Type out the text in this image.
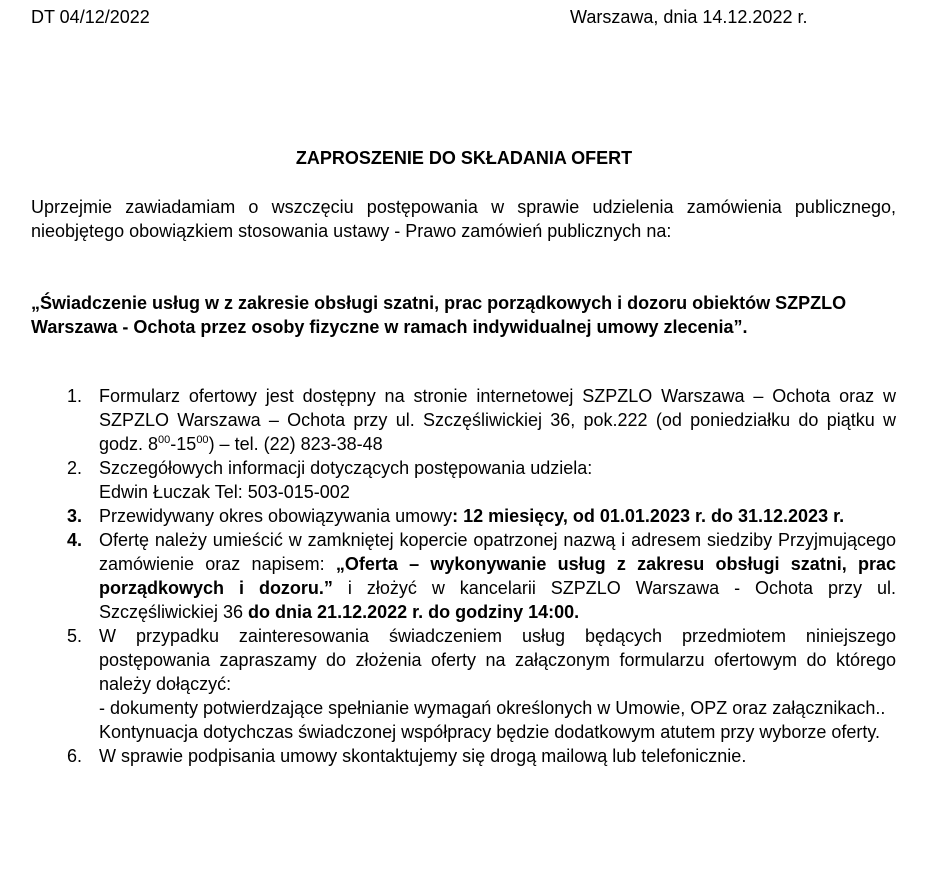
DT 04/12/2022	Warszawa, dnia 14.12.2022 r.
ZAPROSZENIE DO SKŁADANIA OFERT
Uprzejmie zawiadamiam o wszczęciu postępowania w sprawie udzielenia zamówienia publicznego, nieobjętego obowiązkiem stosowania ustawy - Prawo zamówień publicznych na:
„Świadczenie usług w z zakresie obsługi szatni, prac porządkowych i dozoru obiektów SZPZLO Warszawa - Ochota przez osoby fizyczne w ramach indywidualnej umowy zlecenia”.
1. Formularz ofertowy jest dostępny na stronie internetowej SZPZLO Warszawa – Ochota oraz w SZPZLO Warszawa – Ochota przy ul. Szczęśliwickiej 36, pok.222 (od poniedziałku do piątku w godz. $8^{00}-15^{00}$) – tel. (22) 823-38-48
2. Szczegółowych informacji dotyczących postępowania udziela:
Edwin Łuczak Tel: 503-015-002
3. Przewidywany okres obowiązywania umowy: 12 miesięcy, od 01.01.2023 r. do 31.12.2023 r.
4. Ofertę należy umieścić w zamkniętej kopercie opatrzonej nazwą i adresem siedziby Przyjmującego zamówienie oraz napisem: „Oferta – wykonywanie usług z zakresu obsługi szatni, prac porządkowych i dozoru.” i złożyć w kancelarii SZPZLO Warszawa - Ochota przy ul. Szczęśliwickiej 36 do dnia 21.12.2022 r. do godziny 14:00.
5. W przypadku zainteresowania świadczeniem usług będących przedmiotem niniejszego postępowania zapraszamy do złożenia oferty na załączonym formularzu ofertowym do którego należy dołączyć:
- dokumenty potwierdzające spełnianie wymagań określonych w Umowie, OPZ oraz załącznikach..
Kontynuacja dotychczas świadczonej współpracy będzie dodatkowym atutem przy wyborze oferty.
6. W sprawie podpisania umowy skontaktujemy się drogą mailową lub telefonicznie.
